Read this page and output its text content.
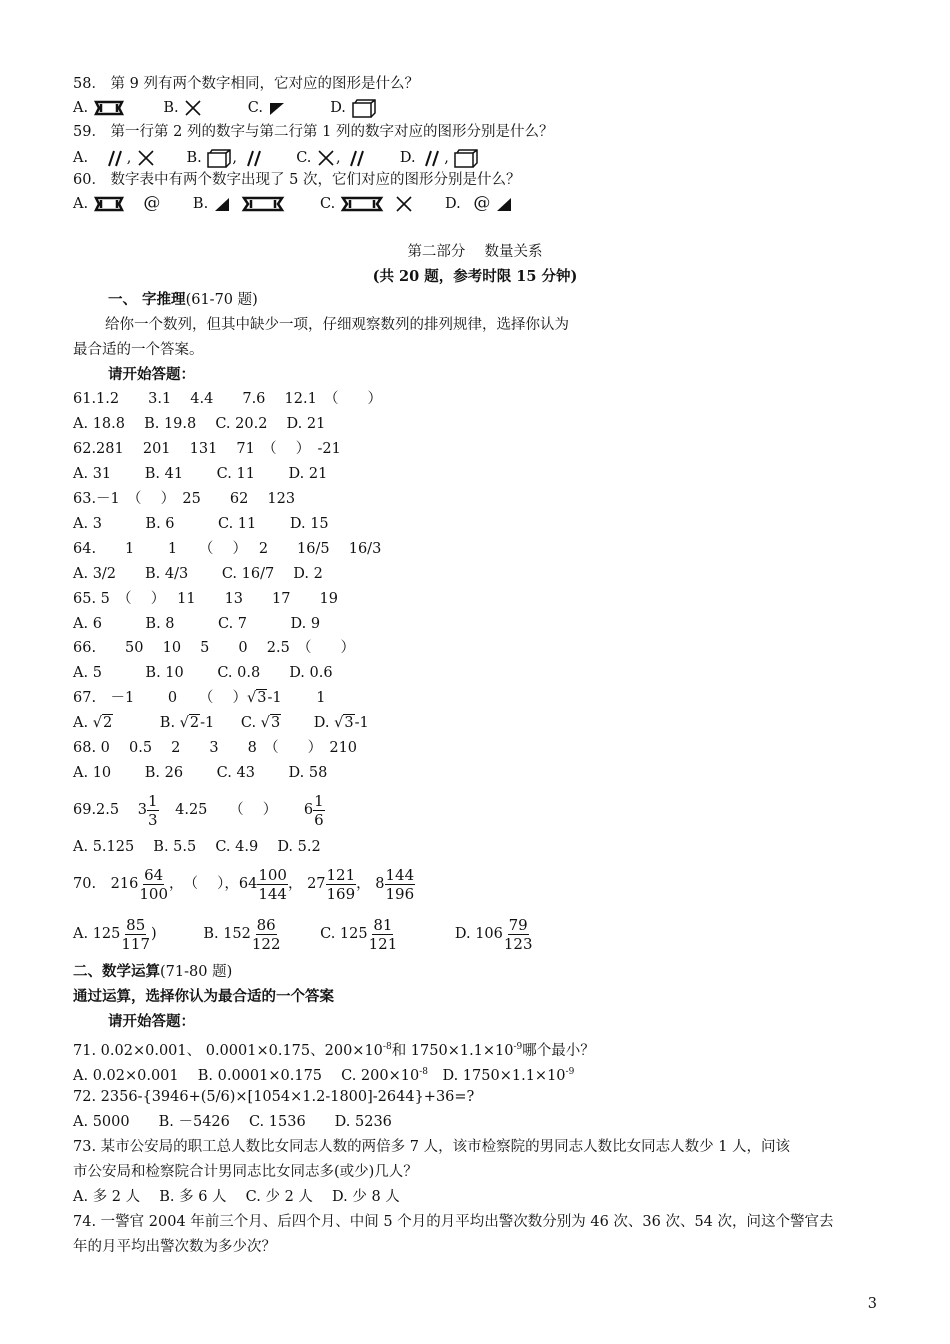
58． 第 9 列有两个数字相同，它对应的图形是什么？
A.	B.	C.	D.
59． 第一行第 2 列的数字与第二行第 1 列的数字对应的图形分别是什么？
A.	,	B. ,	C. ,	D. ,
60． 数字表中有两个数字出现了 5 次，它们对应的图形分别是什么？
A.	@ B.	C.	D. @
第二部分　 数量关系
(共 20 题，参考时限 15 分钟)
一、 字推理(61-70 题)
给你一个数列，但其中缺少一项，仔细观察数列的排列规律，选择你认为
最合适的一个答案。
请开始答题：
61.1.2　　3.1　 4.4　　7.6　 12.1　（　　）
A. 18.8　 B. 19.8　 C. 20.2　 D. 21
62.281　 201　 131　 71　（　 ）　-21
A. 31　　 B. 41　　 C. 11　　 D. 21
63.－1　（　 ）　25　　62　 123
A. 3　　　B. 6　　　C. 11　　 D. 15
64.　　1　　 1　　（　 ）　 2　　16/5　 16/3
A. 3/2　　B. 4/3　　 C. 16/7　 D. 2
65. 5　（　 ）　 11　　13　　17　　19
A. 6　　　B. 8　　　C. 7　　　D. 9
66.　　50　 10　 5　　0　 2.5　（　　）
A. 5　　　B. 10　　 C. 0.8　　D. 0.6
67.　－1　　 0　　（　 ）√3-1 1
A. √2	B. √2-1 C. √3 D. √3-1
68. 0　 0.5　 2　　3　　8　（　　）　210
A. 10　　 B. 26　　 C. 43　　 D. 58
69.2.5 $3 \frac{1}{3} 4.25$　　（　 ） $6 \frac{1}{6}$
A. 5.125　 B. 5.5　 C. 4.9　 D. 5.2
70. $216 \frac{64}{100}$ ，　（　 ），$64 \frac{100}{144}$ ， $27 \frac{121}{169}$ ， $8 \frac{144}{196}$
A. $125 \frac{85}{117}$ )	B. $152 \frac{86}{122}$	C. $125 \frac{81}{121}$	D. $106 \frac{79}{123}$
二、数学运算(71-80 题)
通过运算，选择你认为最合适的一个答案
请开始答题：
71. 0.02×0.001、 0.0001×0.175、$200\times 10^{-8}$和 $1750\times 1.1\times 10^{-9}$哪个最小？
A. 0.02×0.001　 B. 0.0001×0.175　 C. $200\times 10^{-8}$　D. $1750\times 1.1\times 10^{-9}$
72. 2356-{3946+(5/6)×[1054×1.2-1800]-2644}+36=?
A. 5000　　B. －5426　 C. 1536　　D. 5236
73. 某市公安局的职工总人数比女同志人数的两倍多 7 人，该市检察院的男同志人数比女同志人数少 1 人，问该
市公安局和检察院合计男同志比女同志多(或少)几人？
A. 多 2 人　 B. 多 6 人　 C. 少 2 人　 D. 少 8 人
74. 一警官 2004 年前三个月、后四个月、中间 5 个月的月平均出警次数分别为 46 次、36 次、54 次，问这个警官去
年的月平均出警次数为多少次？
3
